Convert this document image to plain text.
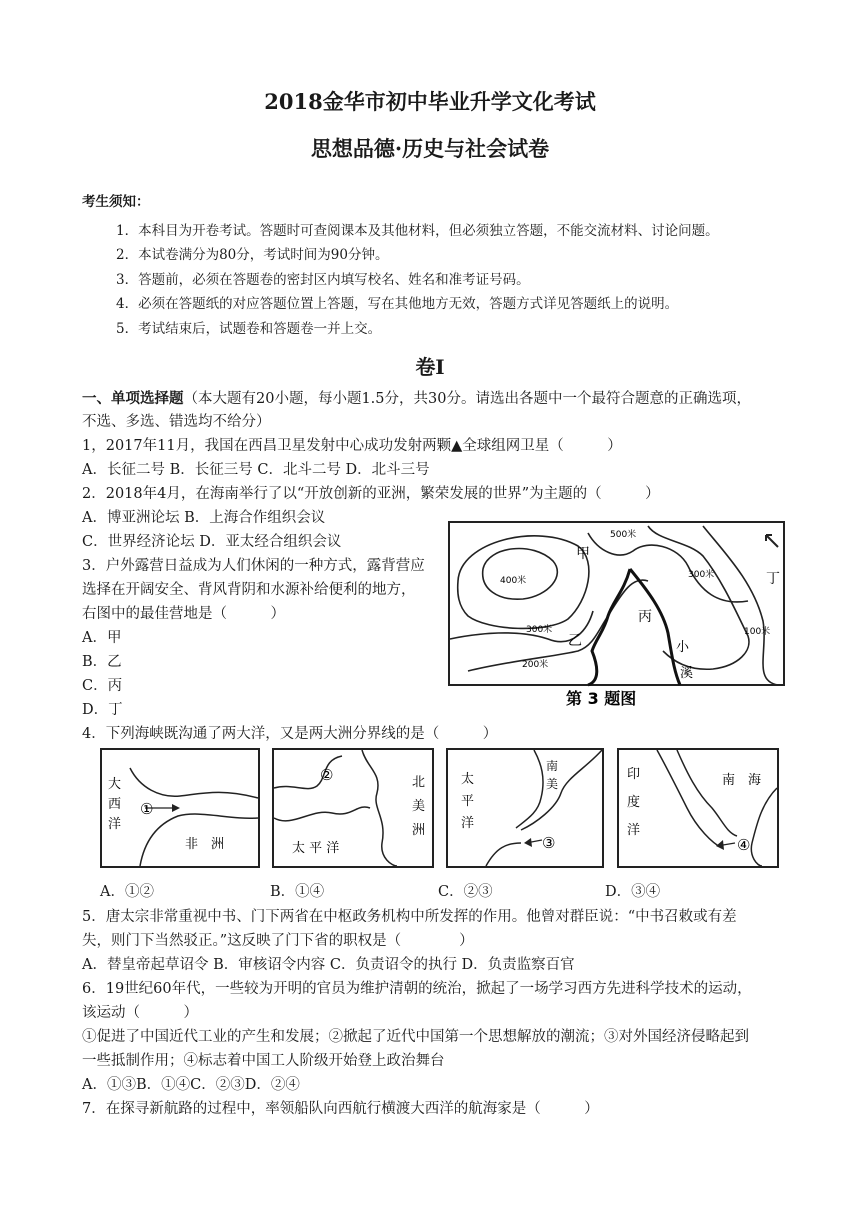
2018金华市初中毕业升学文化考试
思想品德·历史与社会试卷
考生须知：
1．本科目为开卷考试。答题时可查阅课本及其他材料，但必须独立答题，不能交流材料、讨论问题。
2．本试卷满分为80分，考试时间为90分钟。
3．答题前，必须在答题卷的密封区内填写校名、姓名和准考证号码。
4．必须在答题纸的对应答题位置上答题，写在其他地方无效，答题方式详见答题纸上的说明。
5．考试结束后，试题卷和答题卷一并上交。
卷Ⅰ
一、单项选择题（本大题有20小题，每小题1.5分，共30分。请选出各题中一个最符合题意的正确选项，
不选、多选、错选均不给分）
1，2017年11月，我国在西昌卫星发射中心成功发射两颗▲全球组网卫星（　　　）
A．长征二号 B．长征三号 C．北斗二号 D．北斗三号
2．2018年4月，在海南举行了以“开放创新的亚洲，繁荣发展的世界”为主题的（　　　）
A．博亚洲论坛 B．上海合作组织会议
C．世界经济论坛 D．亚太经合组织会议
3．户外露营日益成为人们休闲的一种方式，露背营应
选择在开阔安全、背风背阴和水源补给便利的地方，
右图中的最佳营地是（　　　）
A．甲
B．乙
C．丙
D．丁
甲
乙
丙
丁
小
溪
500米
400米
300米
300米
200米
100米
第 3 题图
4．下列海峡既沟通了两大洋，又是两大洲分界线的是（　　　）
大
西
洋
非　洲
①
②	北
美
洲
太 平 洋
太
平
洋
南
美
③
印
度
洋
南　海
④
A．①②	B．①④	C．②③	D．③④
5．唐太宗非常重视中书、门下两省在中枢政务机构中所发挥的作用。他曾对群臣说：“中书召敕或有差
失，则门下当然驳正。”这反映了门下省的职权是（　　　　）
A．替皇帝起草诏令 B．审核诏令内容 C．负责诏令的执行 D．负责监察百官
6．19世纪60年代，一些较为开明的官员为维护清朝的统治，掀起了一场学习西方先进科学技术的运动，
该运动（　　　）
①促进了中国近代工业的产生和发展；②掀起了近代中国第一个思想解放的潮流；③对外国经济侵略起到
一些抵制作用；④标志着中国工人阶级开始登上政治舞台
A．①③B．①④C．②③D．②④
7．在探寻新航路的过程中，率领船队向西航行横渡大西洋的航海家是（　　　）
